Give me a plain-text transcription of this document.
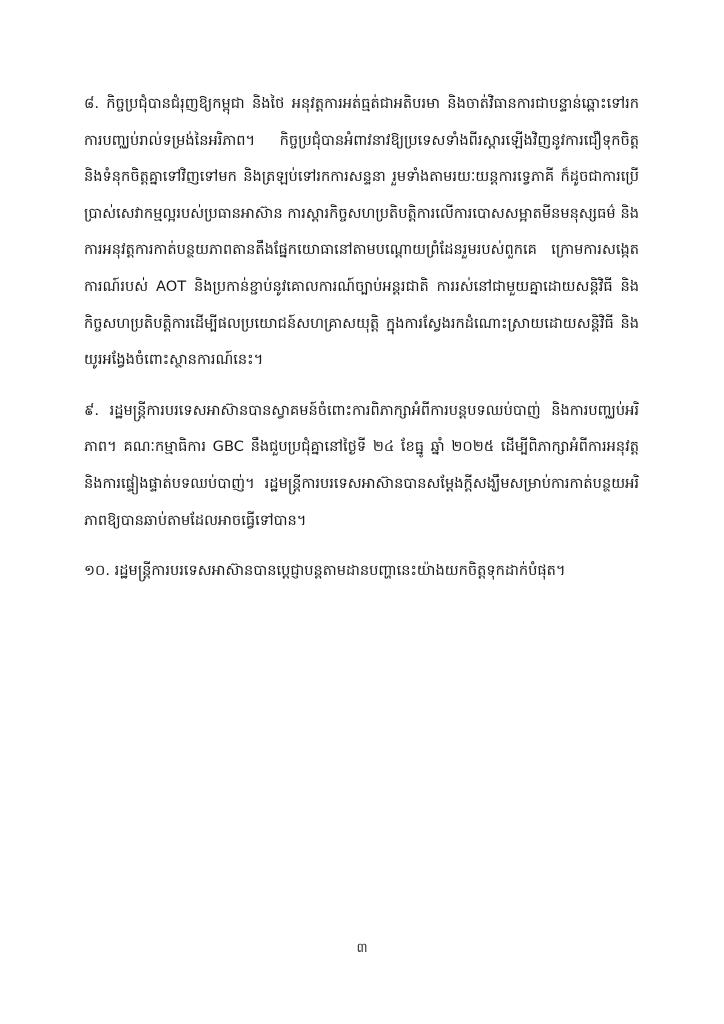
៨. កិច្ចប្រជុំបានជំរុញឱ្យកម្ពុជា និងថៃ អនុវត្តការអត់ធ្មត់ជាអតិបរមា និងចាត់វិធានការជាបន្ទាន់ឆ្ពោះទៅរកការបញ្ឈប់រាល់ទម្រង់នៃអរិភាព។ កិច្ចប្រជុំបានអំពាវនាវឱ្យប្រទេសទាំងពីរស្តារឡើងវិញនូវការជឿទុកចិត្ត និងទំនុកចិត្តគ្នាទៅវិញទៅមក និងត្រឡប់ទៅរកការសន្ទនា រួមទាំងតាមរយៈយន្តការទ្វេភាគី ក៏ដូចជាការប្រើប្រាស់សេវាកម្មល្អរបស់ប្រធានអាស៊ាន ការស្តារកិច្ចសហប្រតិបត្តិការលើការបោសសម្អាតមីនមនុស្សធម៌ និងការអនុវត្តការកាត់បន្ថយភាពតានតឹងផ្នែកយោធានៅតាមបណ្តោយព្រំដែនរួមរបស់ពួកគេ ក្រោមការសង្កេតការណ៍របស់ AOT និងប្រកាន់ខ្ជាប់នូវគោលការណ៍ច្បាប់អន្តរជាតិ ការរស់នៅជាមួយគ្នាដោយសន្តិវិធី និងកិច្ចសហប្រតិបត្តិការដើម្បីផលប្រយោជន៍សហគ្រាសយុត្តិ ក្នុងការស្វែងរកដំណោះស្រាយដោយសន្តិវិធី និងយូរអង្វែងចំពោះស្ថានការណ៍នេះ។

៩. រដ្ឋមន្ត្រីការបរទេសអាស៊ានបានស្វាគមន៍ចំពោះការពិភាក្សាអំពីការបន្តបទឈប់បាញ់ និងការបញ្ឈប់អរិភាព។ គណៈកម្មាធិការ GBC នឹងជួបប្រជុំគ្នានៅថ្ងៃទី ២៤ ខែធ្នូ ឆ្នាំ ២០២៥ ដើម្បីពិភាក្សាអំពីការអនុវត្ត និងការផ្ទៀងផ្ទាត់បទឈប់បាញ់។ រដ្ឋមន្ត្រីការបរទេសអាស៊ានបានសម្តែងក្តីសង្ឃឹមសម្រាប់ការកាត់បន្ថយអរិភាពឱ្យបានឆាប់តាមដែលអាចធ្វើទៅបាន។

១០. រដ្ឋមន្ត្រីការបរទេសអាស៊ានបានប្តេជ្ញាបន្តតាមដានបញ្ហានេះយ៉ាងយកចិត្តទុកដាក់បំផុត។

៣
